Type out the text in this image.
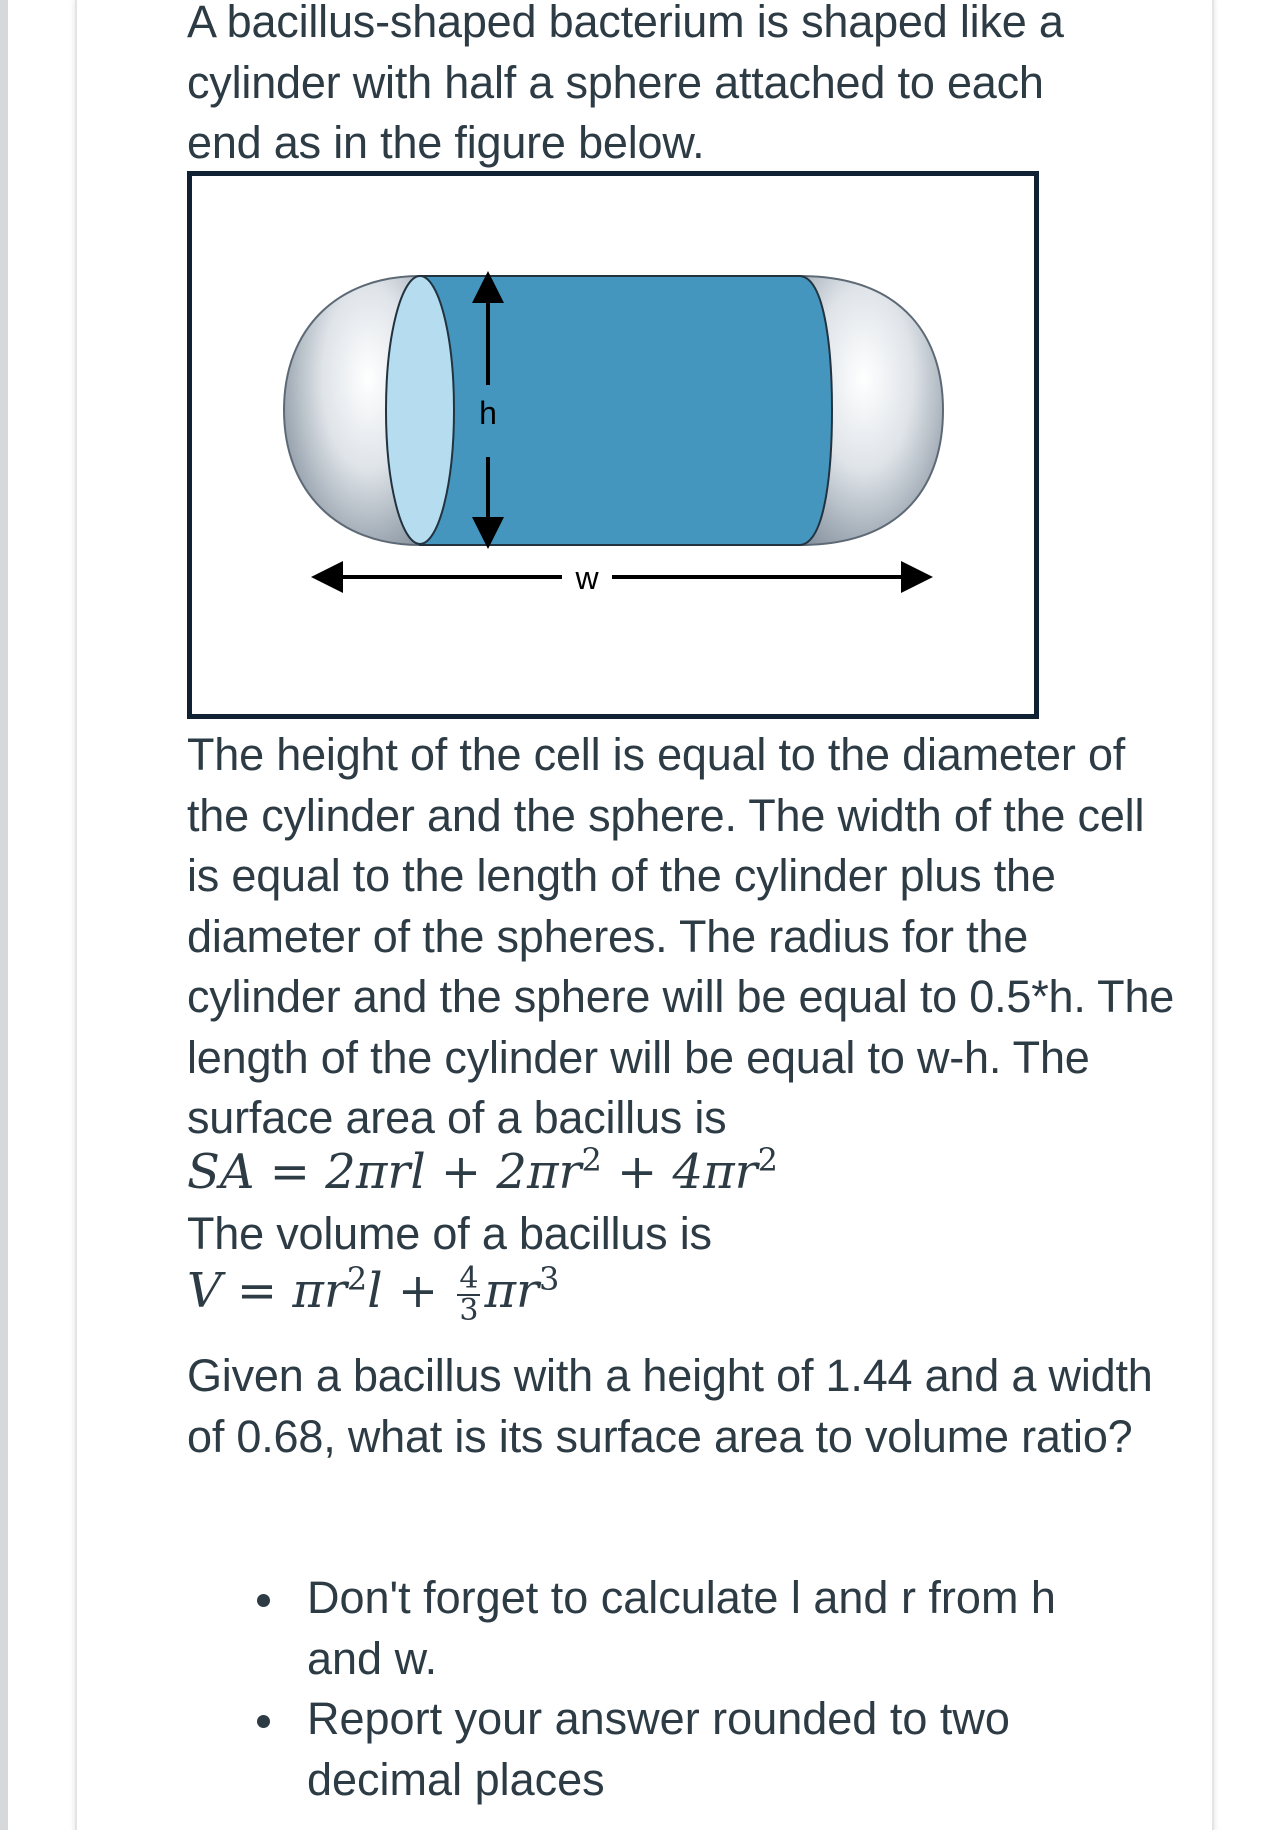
A bacillus-shaped bacterium is shaped like a cylinder with half a sphere attached to each end as in the figure below.

h
w

The height of the cell is equal to the diameter of the cylinder and the sphere. The width of the cell is equal to the length of the cylinder plus the diameter of the spheres. The radius for the cylinder and the sphere will be equal to 0.5*h. The length of the cylinder will be equal to w-h. The surface area of a bacillus is

SA = $2\pi rl + 2\pi r^2 + 4\pi r^2$

The volume of a bacillus is

$V = \pi r^2l + \frac{4}{3} \pi r^3$

Given a bacillus with a height of 1.44 and a width of 0.68, what is its surface area to volume ratio?

Don't forget to calculate l and r from h and w.
Report your answer rounded to two decimal places
